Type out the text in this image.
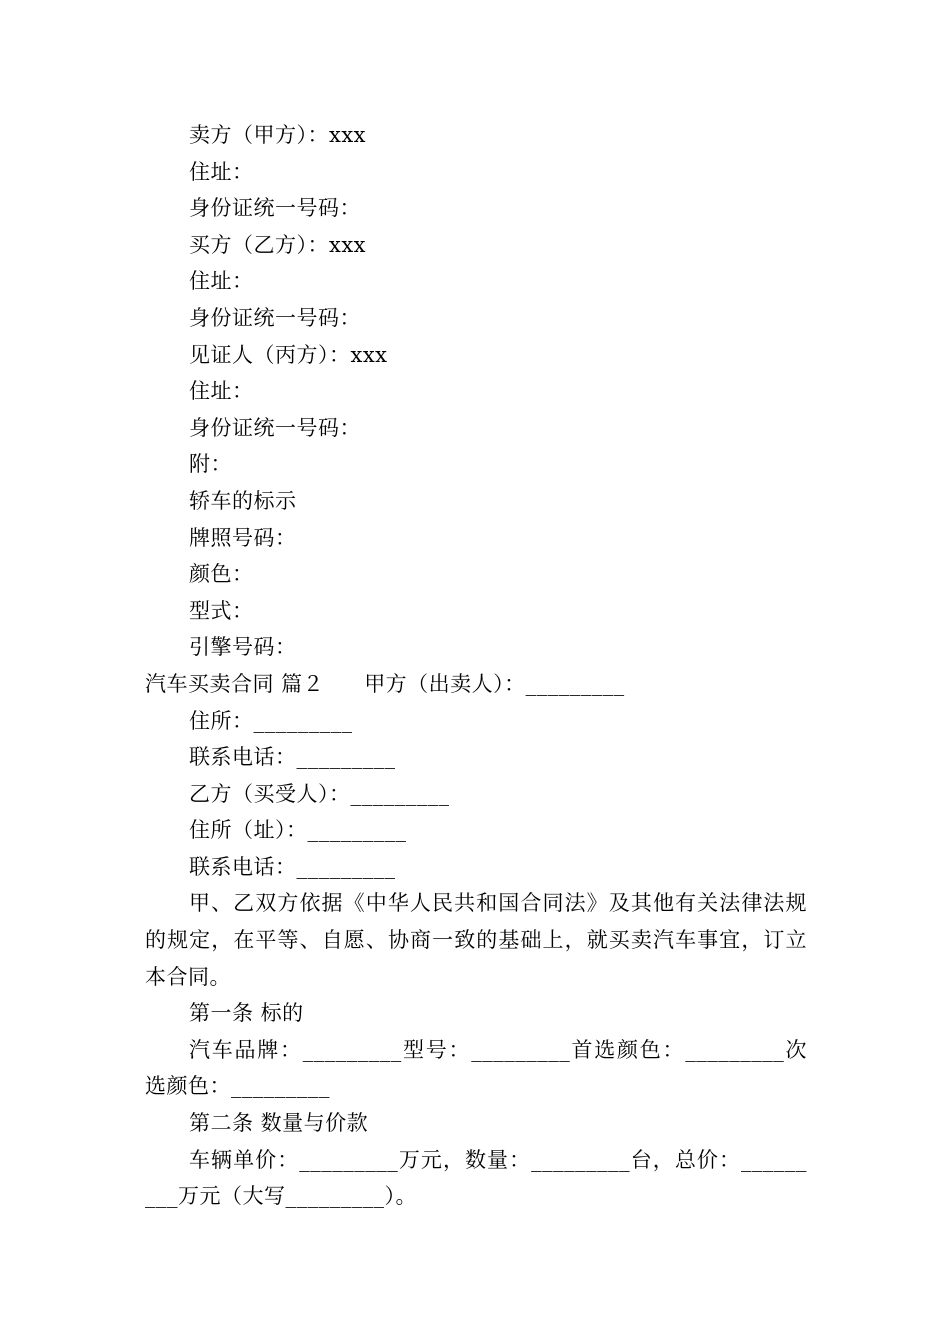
卖方（甲方）：xxx
住址：
身份证统一号码：
买方（乙方）：xxx
住址：
身份证统一号码：
见证人（丙方）：xxx
住址：
身份证统一号码：
附：
轿车的标示
牌照号码：
颜色：
型式：
引擎号码：
汽车买卖合同 篇２ 甲方（出卖人）：_________
住所：_________
联系电话：_________
乙方（买受人）：_________
住所（址）：_________
联系电话：_________
甲、乙双方依据《中华人民共和国合同法》及其他有关法律法规的规定，在平等、自愿、协商一致的基础上，就买卖汽车事宜，订立本合同。
第一条 标的
汽车品牌：_________型号：_________首选颜色：_________次选颜色：_________
第二条 数量与价款
车辆单价：_________万元，数量：_________台，总价：_________万元（大写_________）。
